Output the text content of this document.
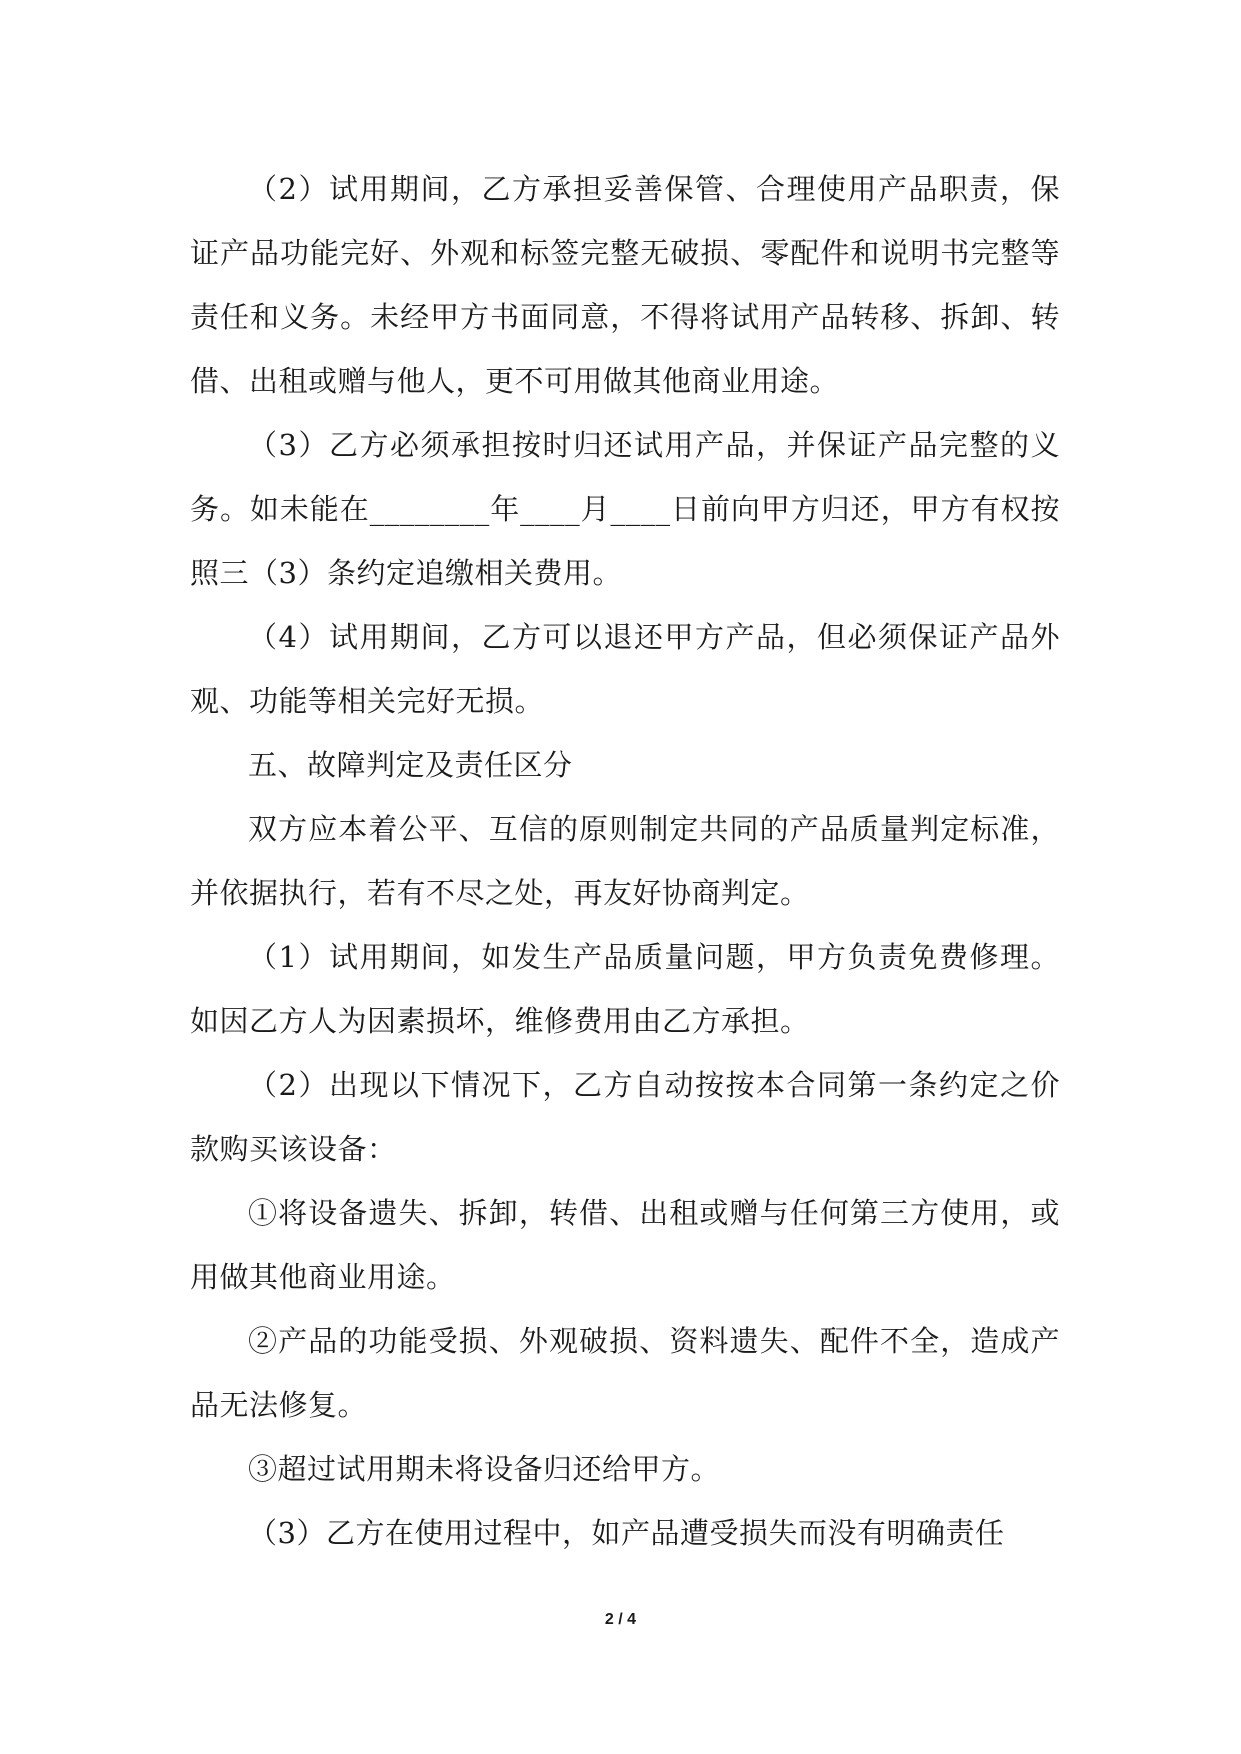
（2）试用期间，乙方承担妥善保管、合理使用产品职责，保证产品功能完好、外观和标签完整无破损、零配件和说明书完整等责任和义务。未经甲方书面同意，不得将试用产品转移、拆卸、转借、出租或赠与他人，更不可用做其他商业用途。

（3）乙方必须承担按时归还试用产品，并保证产品完整的义务。如未能在________年____月____日前向甲方归还，甲方有权按照三（3）条约定追缴相关费用。

（4）试用期间，乙方可以退还甲方产品，但必须保证产品外观、功能等相关完好无损。

五、故障判定及责任区分

双方应本着公平、互信的原则制定共同的产品质量判定标准，并依据执行，若有不尽之处，再友好协商判定。

（1）试用期间，如发生产品质量问题，甲方负责免费修理。如因乙方人为因素损坏，维修费用由乙方承担。

（2）出现以下情况下，乙方自动按按本合同第一条约定之价款购买该设备：

①将设备遗失、拆卸，转借、出租或赠与任何第三方使用，或用做其他商业用途。

②产品的功能受损、外观破损、资料遗失、配件不全，造成产品无法修复。

③超过试用期未将设备归还给甲方。

（3）乙方在使用过程中，如产品遭受损失而没有明确责任

2 / 4
